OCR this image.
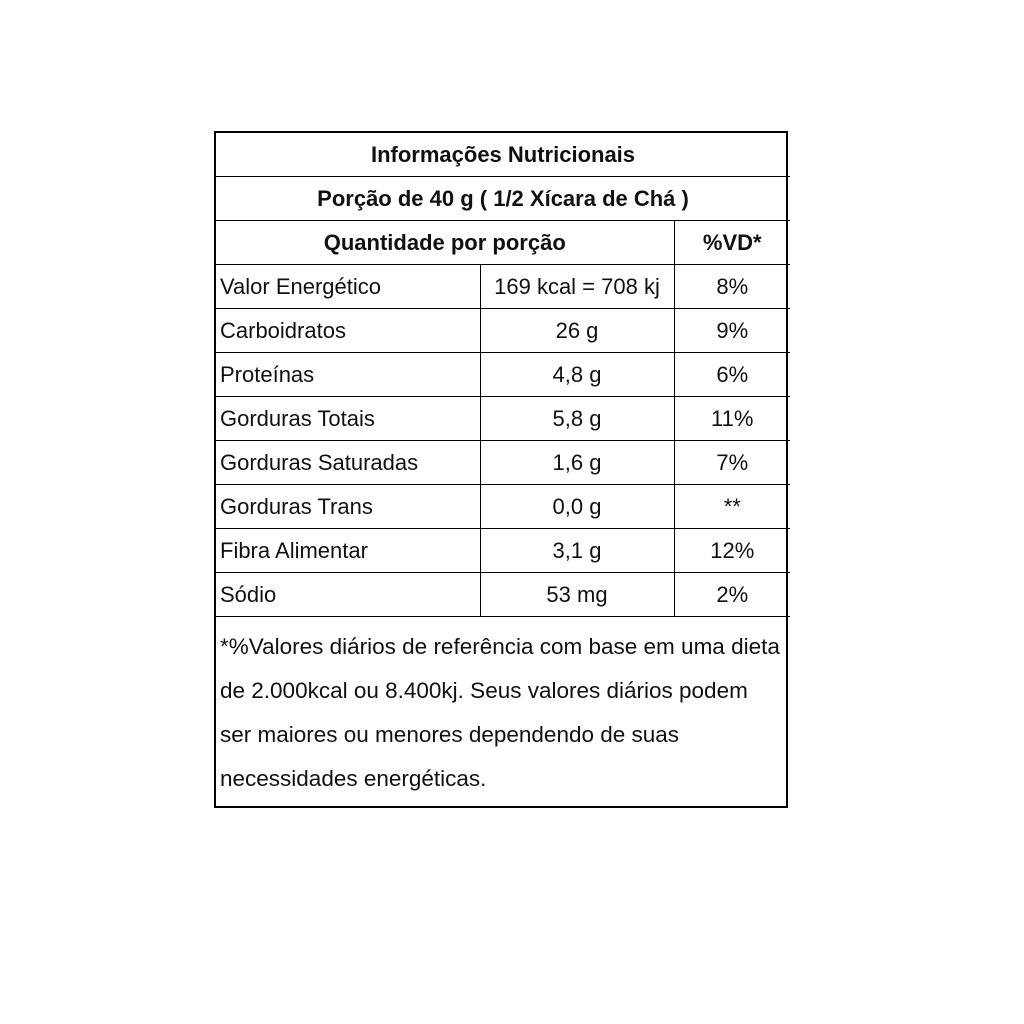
Informações Nutricionais		
Porção de 40 g ( 1/2 Xícara de Chá )		
Quantidade por porção		%VD*
Valor Energético	169 kcal = 708 kj	8%
Carboidratos	26 g	9%
Proteínas	4,8 g	6%
Gorduras Totais	5,8 g	11%
Gorduras Saturadas	1,6 g	7%
Gorduras Trans	0,0 g	**
Fibra Alimentar	3,1 g	12%
Sódio	53 mg	2%
*%Valores diários de referência com base em uma dieta de 2.000kcal ou 8.400kj. Seus valores diários podem ser maiores ou menores dependendo de suas necessidades energéticas.
